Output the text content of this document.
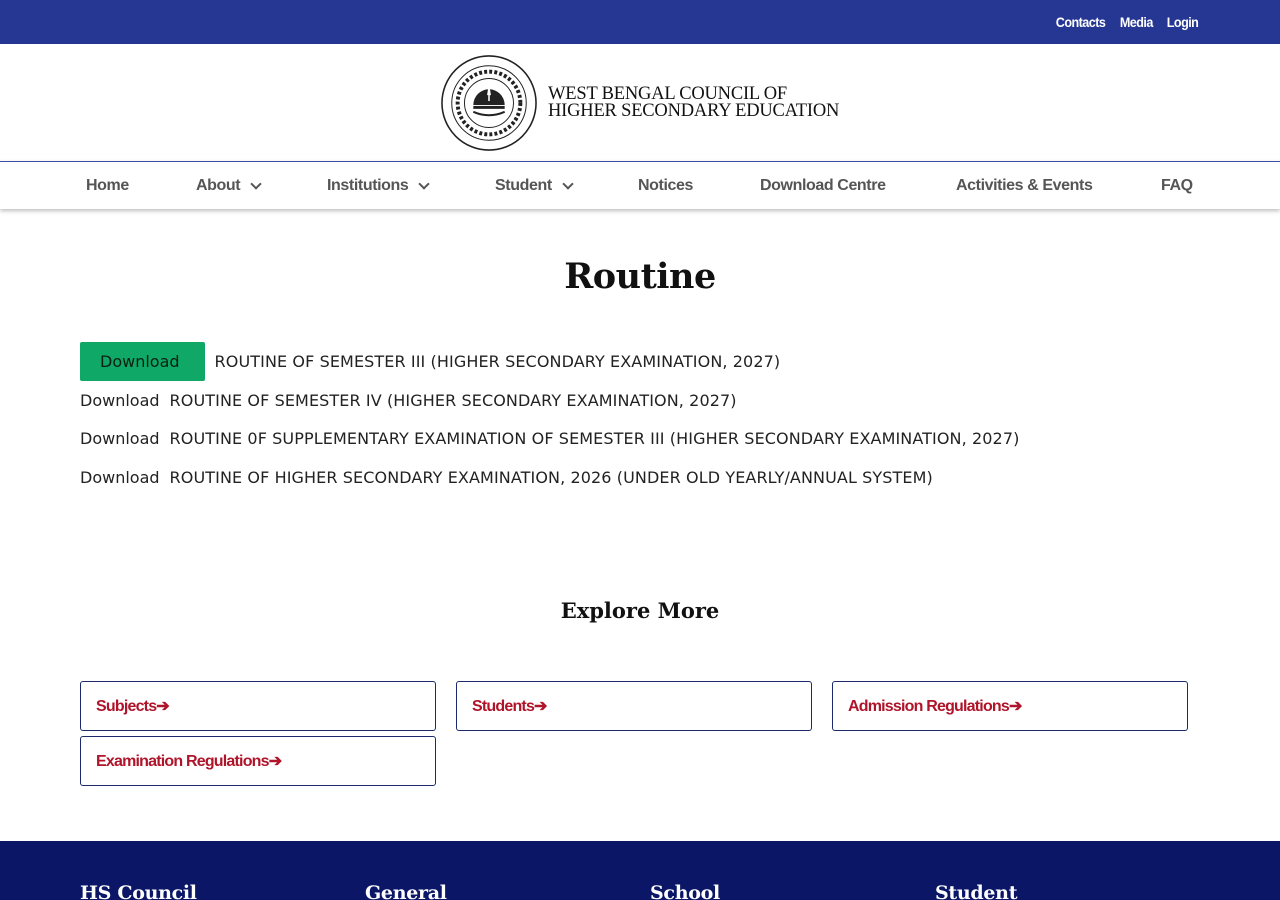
Contacts Media Login
WEST BENGAL COUNCIL OF
HIGHER SECONDARY EDUCATION
Home	About	Institutions	Student	Notices	Download Centre	Activities & Events	FAQ
Routine
Download	ROUTINE OF SEMESTER III (HIGHER SECONDARY EXAMINATION, 2027)
Download ROUTINE OF SEMESTER IV (HIGHER SECONDARY EXAMINATION, 2027)
Download ROUTINE 0F SUPPLEMENTARY EXAMINATION OF SEMESTER III (HIGHER SECONDARY EXAMINATION, 2027)
Download ROUTINE OF HIGHER SECONDARY EXAMINATION, 2026 (UNDER OLD YEARLY/ANNUAL SYSTEM)
Explore More
Subjects➔	Students➔	Admission Regulations➔
Examination Regulations➔
HS Council	General	School	Student
